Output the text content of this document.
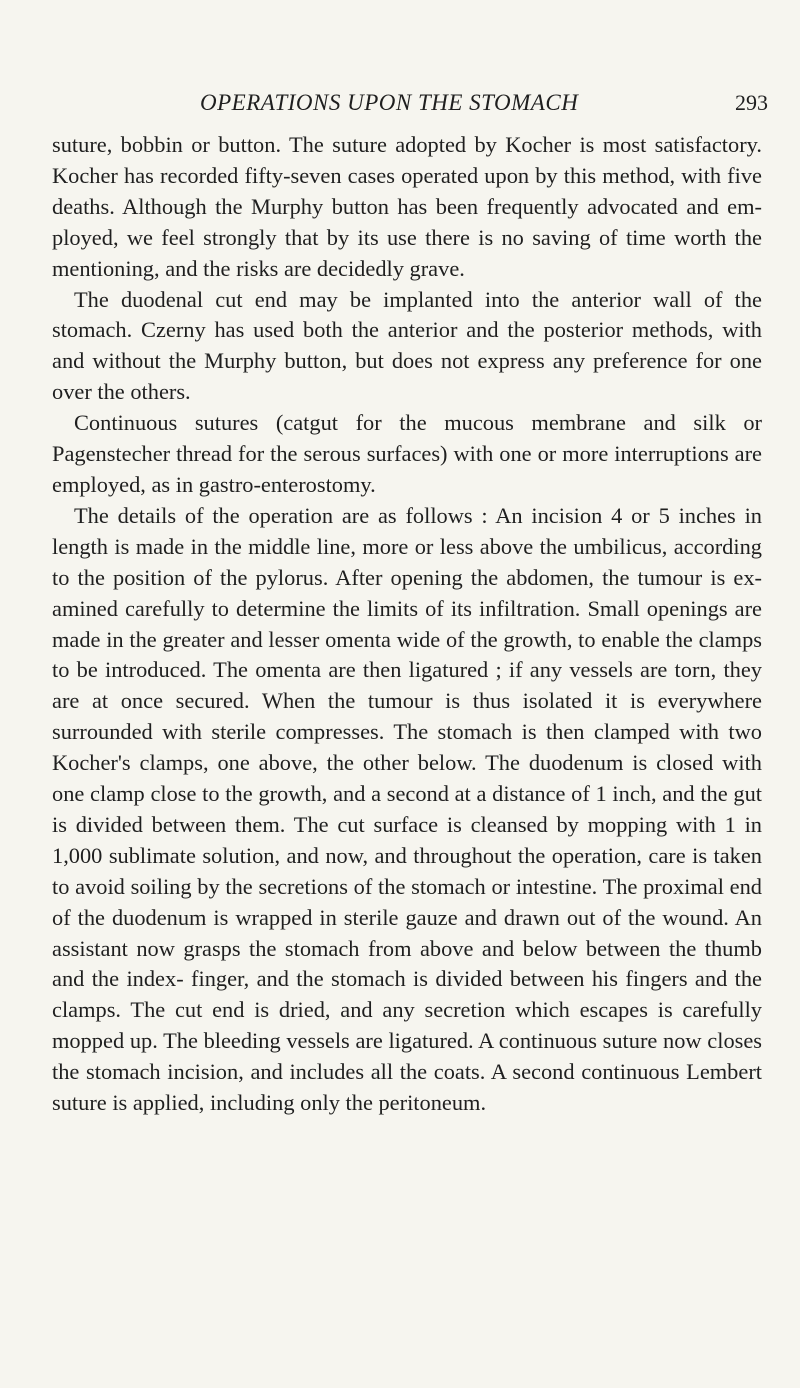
OPERATIONS UPON THE STOMACH	293

suture, bobbin or button. The suture adopted by Kocher is most satisfactory. Kocher has recorded fifty-seven cases operated upon by this method, with five deaths. Although the Murphy button has been frequently advocated and em- ployed, we feel strongly that by its use there is no saving of time worth the mentioning, and the risks are decidedly grave.

The duodenal cut end may be implanted into the anterior wall of the stomach. Czerny has used both the anterior and the posterior methods, with and without the Murphy button, but does not express any preference for one over the others.

Continuous sutures (catgut for the mucous membrane and silk or Pagenstecher thread for the serous surfaces) with one or more interruptions are employed, as in gastro-enterostomy.

The details of the operation are as follows : An incision 4 or 5 inches in length is made in the middle line, more or less above the umbilicus, according to the position of the pylorus. After opening the abdomen, the tumour is ex- amined carefully to determine the limits of its infiltration. Small openings are made in the greater and lesser omenta wide of the growth, to enable the clamps to be introduced. The omenta are then ligatured ; if any vessels are torn, they are at once secured. When the tumour is thus isolated it is everywhere surrounded with sterile compresses. The stomach is then clamped with two Kocher's clamps, one above, the other below. The duodenum is closed with one clamp close to the growth, and a second at a distance of 1 inch, and the gut is divided between them. The cut surface is cleansed by mopping with 1 in 1,000 sublimate solution, and now, and throughout the operation, care is taken to avoid soiling by the secretions of the stomach or intestine. The proximal end of the duodenum is wrapped in sterile gauze and drawn out of the wound. An assistant now grasps the stomach from above and below between the thumb and the index- finger, and the stomach is divided between his fingers and the clamps. The cut end is dried, and any secretion which escapes is carefully mopped up. The bleeding vessels are ligatured. A continuous suture now closes the stomach incision, and includes all the coats. A second continuous Lembert suture is applied, including only the peritoneum.
